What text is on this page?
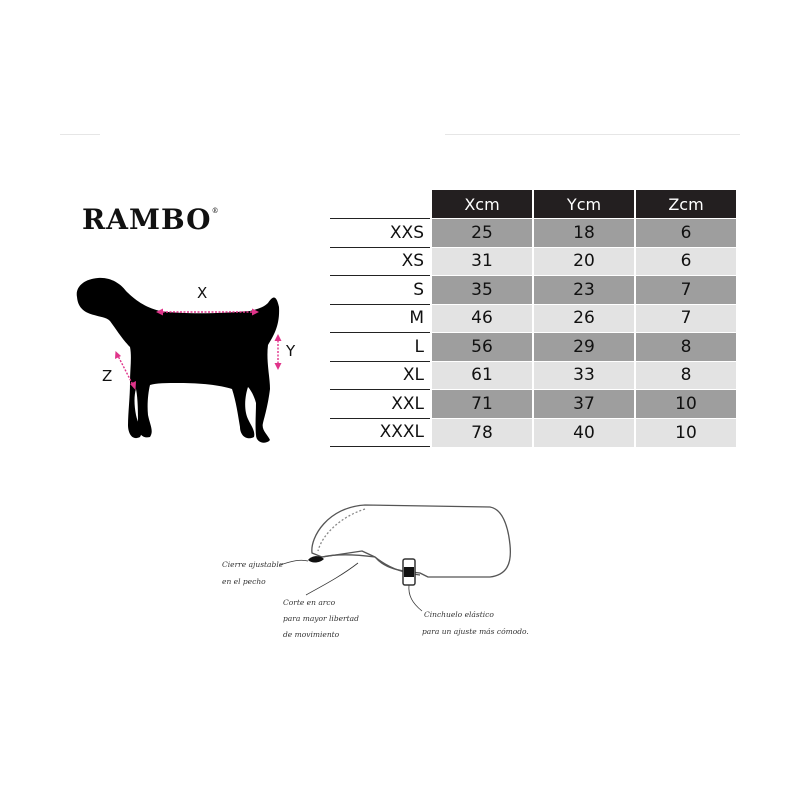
RAMBO®
X
Y
Z
	Xcm	Ycm	Zcm
XXS	25	18	6
XS	31	20	6
S	35	23	7
M	46	26	7
L	56	29	8
XL	61	33	8
XXL	71	37	10
XXXL	78	40	10
Cierre ajustable
en el pecho
Corte en arco
para mayor libertad
de movimiento
Cinchuelo elástico
para un ajuste más cómodo.
